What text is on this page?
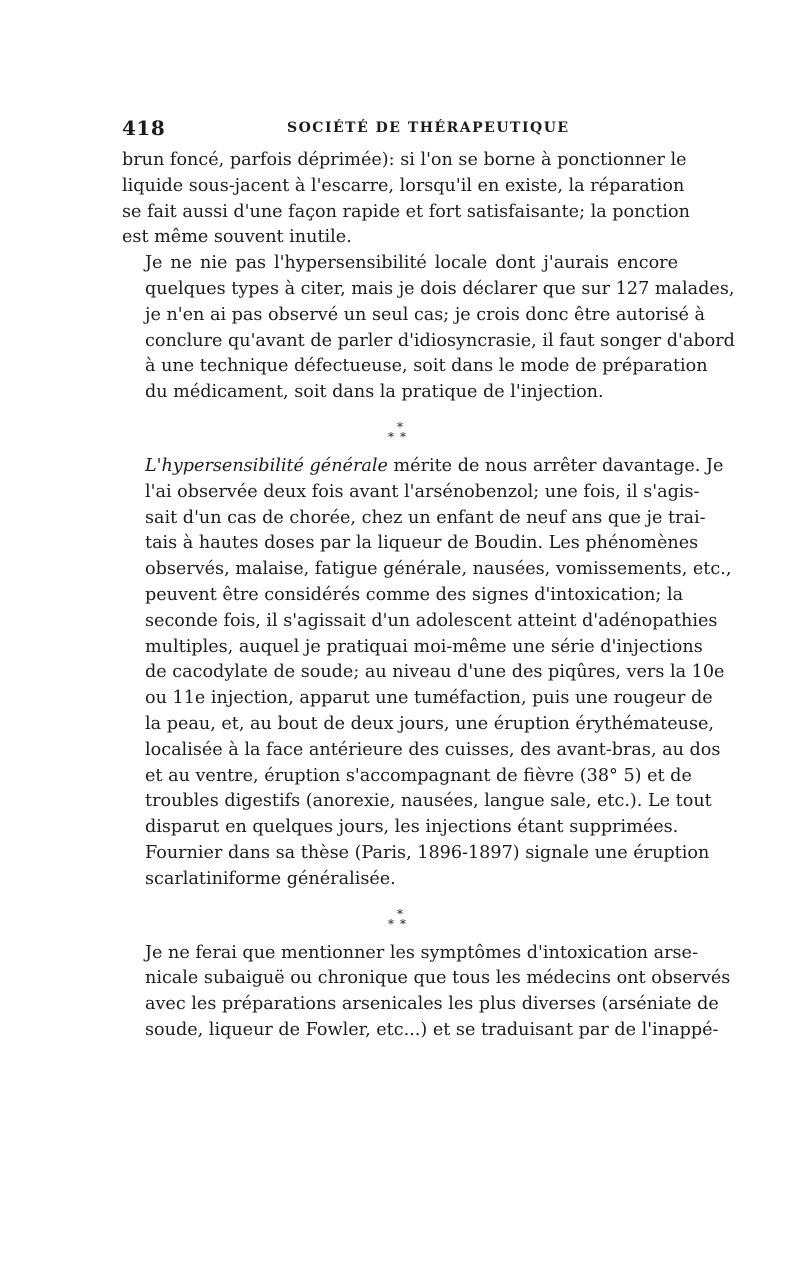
418	SOCIÉTÉ DE THÉRAPEUTIQUE

brun foncé, parfois déprimée): si l'on se borne à ponctionner le
liquide sous-jacent à l'escarre, lorsqu'il en existe, la réparation
se fait aussi d'une façon rapide et fort satisfaisante; la ponction
est même souvent inutile.

Je ne nie pas l'hypersensibilité locale dont j'aurais encore
quelques types à citer, mais je dois déclarer que sur 127 malades,
je n'en ai pas observé un seul cas; je crois donc être autorisé à
conclure qu'avant de parler d'idiosyncrasie, il faut songer d'abord
à une technique défectueuse, soit dans le mode de préparation
du médicament, soit dans la pratique de l'injection.

*
**

L'hypersensibilité générale mérite de nous arrêter davantage. Je
l'ai observée deux fois avant l'arsénobenzol; une fois, il s'agis-
sait d'un cas de chorée, chez un enfant de neuf ans que je trai-
tais à hautes doses par la liqueur de Boudin. Les phénomènes
observés, malaise, fatigue générale, nausées, vomissements, etc.,
peuvent être considérés comme des signes d'intoxication; la
seconde fois, il s'agissait d'un adolescent atteint d'adénopathies
multiples, auquel je pratiquai moi-même une série d'injections
de cacodylate de soude; au niveau d'une des piqûres, vers la 10e
ou 11e injection, apparut une tuméfaction, puis une rougeur de
la peau, et, au bout de deux jours, une éruption érythémateuse,
localisée à la face antérieure des cuisses, des avant-bras, au dos
et au ventre, éruption s'accompagnant de fièvre (38° 5) et de
troubles digestifs (anorexie, nausées, langue sale, etc.). Le tout
disparut en quelques jours, les injections étant supprimées.

Fournier dans sa thèse (Paris, 1896-1897) signale une éruption
scarlatiniforme généralisée.

*
**

Je ne ferai que mentionner les symptômes d'intoxication arse-
nicale subaiguë ou chronique que tous les médecins ont observés
avec les préparations arsenicales les plus diverses (arséniate de
soude, liqueur de Fowler, etc...) et se traduisant par de l'inappé-
